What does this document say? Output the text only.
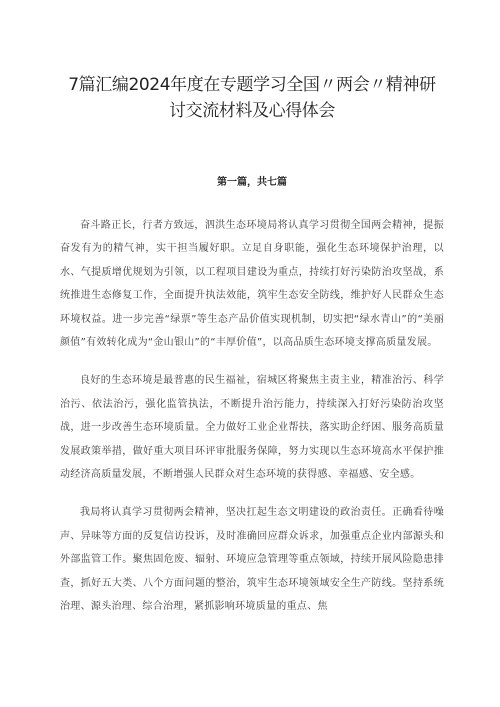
7篇汇编2024年度在专题学习全国〃两会〃精神研讨交流材料及心得体会
第一篇，共七篇

奋斗路正长，行者方致远，泗洪生态环境局将认真学习贯彻全国两会精神，提振奋发有为的精气神，实干担当履好职。立足自身职能，强化生态环境保护治理，以水、气提质增优规划为引领，以工程项目建设为重点，持续打好污染防治攻坚战，系统推进生态修复工作，全面提升执法效能，筑牢生态安全防线，维护好人民群众生态环境权益。进一步完善“绿票”等生态产品价值实现机制，切实把“绿水青山”的“美丽颜值”有效转化成为“金山银山”的“丰厚价值”，以高品质生态环境支撑高质量发展。

良好的生态环境是最普惠的民生福祉，宿城区将聚焦主责主业，精准治污、科学治污、依法治污，强化监管执法，不断提升治污能力，持续深入打好污染防治攻坚战，进一步改善生态环境质量。全力做好工业企业帮扶，落实助企纾困、服务高质量发展政策举措，做好重大项目环评审批服务保障，努力实现以生态环境高水平保护推动经济高质量发展，不断增强人民群众对生态环境的获得感、幸福感、安全感。

我局将认真学习贯彻两会精神，坚决扛起生态文明建设的政治责任。正确看待噪声、异味等方面的反复信访投诉，及时准确回应群众诉求，加强重点企业内部源头和外部监管工作。聚焦固危废、辐射、环境应急管理等重点领域，持续开展风险隐患排查，抓好五大类、八个方面问题的整治，筑牢生态环境领域安全生产防线。坚持系统治理、源头治理、综合治理，紧抓影响环境质量的重点、焦
